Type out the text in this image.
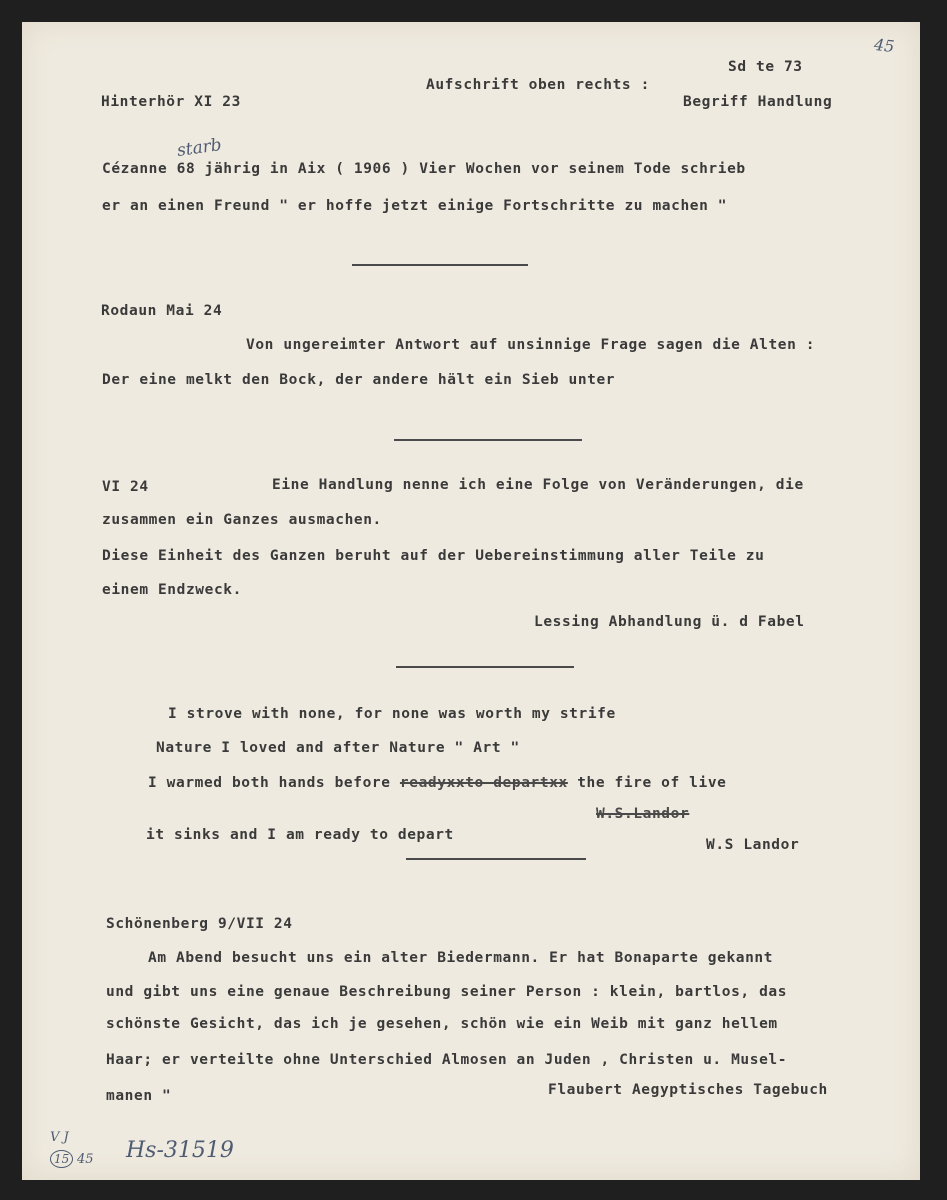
45
Sd te 73
Aufschrift oben rechts :
Begriff Handlung
Hinterhör XI 23
starb
Cézanne 68 jährig in Aix ( 1906 ) Vier Wochen vor seinem Tode schrieb
er an einen Freund " er hoffe jetzt einige Fortschritte zu machen "
Rodaun Mai 24
Von ungereimter Antwort auf unsinnige Frage sagen die Alten :
Der eine melkt den Bock, der andere hält ein Sieb unter
VI 24	Eine Handlung nenne ich eine Folge von Veränderungen, die
zusammen ein Ganzes ausmachen.
Diese Einheit des Ganzen beruht auf der Uebereinstimmung aller Teile zu
einem Endzweck.
Lessing Abhandlung ü. d Fabel
I strove with none, for none was worth my strife
Nature I loved and after Nature " Art "
I warmed both hands before readyxxto departxx the fire of live
W.S.Landor
it sinks and I am ready to depart
W.S Landor
Schönenberg 9/VII 24
Am Abend besucht uns ein alter Biedermann. Er hat Bonaparte gekannt
und gibt uns eine genaue Beschreibung seiner Person : klein, bartlos, das
schönste Gesicht, das ich je gesehen, schön wie ein Weib mit ganz hellem
Haar; er verteilte ohne Unterschied Almosen an Juden , Christen u. Musel-
manen "	Flaubert Aegyptisches Tagebuch
V J
15 45 Hs-31519
